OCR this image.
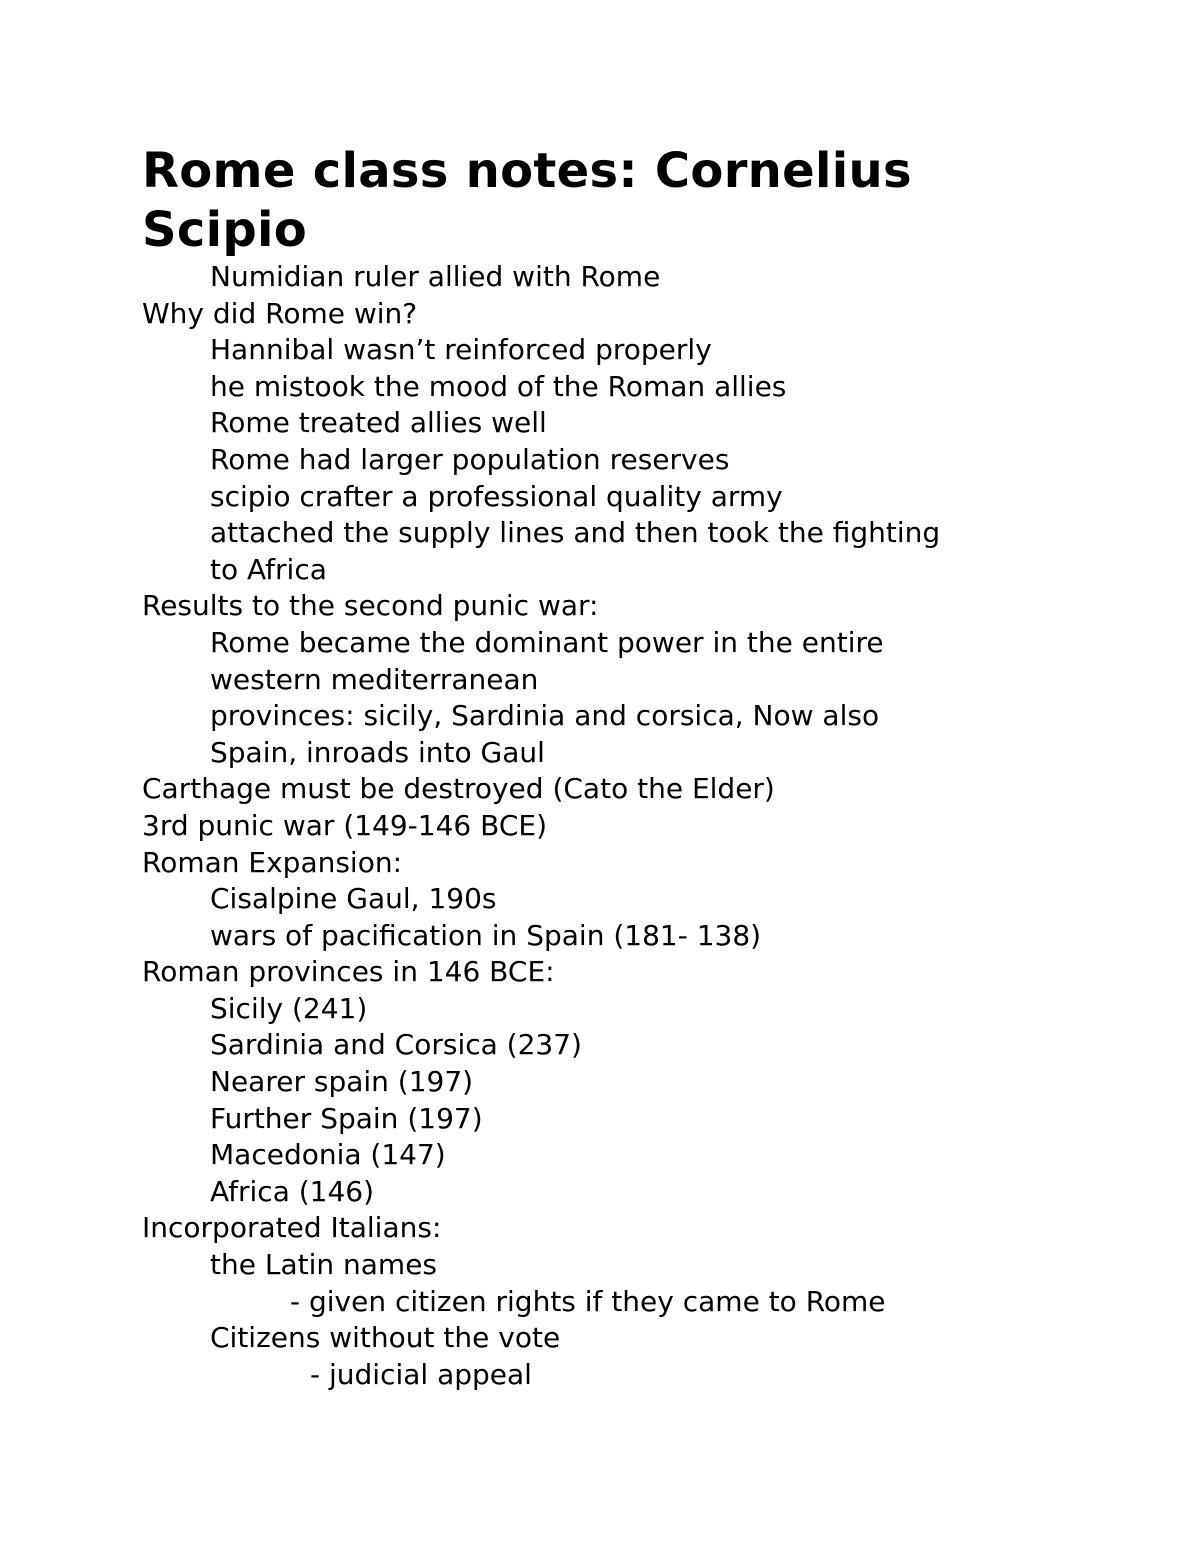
Rome class notes: Cornelius Scipio
Numidian ruler allied with Rome
Why did Rome win?
Hannibal wasn’t reinforced properly
he mistook the mood of the Roman allies
Rome treated allies well
Rome had larger population reserves
scipio crafter a professional quality army
attached the supply lines and then took the fighting
to Africa
Results to the second punic war:
Rome became the dominant power in the entire
western mediterranean
provinces: sicily, Sardinia and corsica, Now also
Spain, inroads into Gaul
Carthage must be destroyed (Cato the Elder)
3rd punic war (149-146 BCE)
Roman Expansion:
Cisalpine Gaul, 190s
wars of pacification in Spain (181- 138)
Roman provinces in 146 BCE:
Sicily (241)
Sardinia and Corsica (237)
Nearer spain (197)
Further Spain (197)
Macedonia (147)
Africa (146)
Incorporated Italians:
the Latin names
- given citizen rights if they came to Rome
Citizens without the vote
- judicial appeal
